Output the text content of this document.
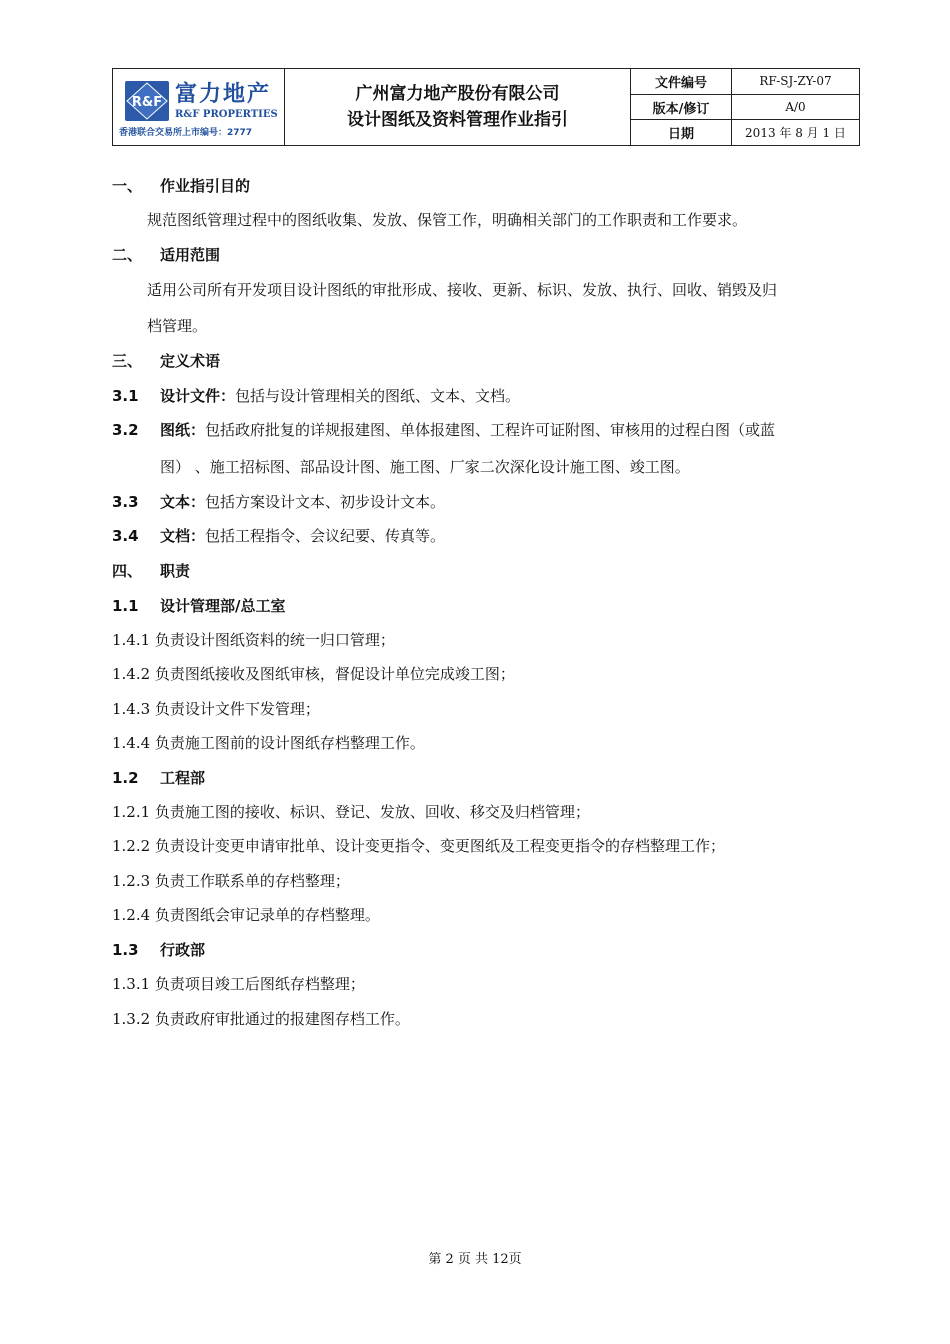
R&F 富力地产
R&F PROPERTIES
香港联合交易所上市编号：2777
广州富力地产股份有限公司
设计图纸及资料管理作业指引
文件编号	RF-SJ-ZY-07
版本/修订	A/0
日期	2013 年 8 月 1 日
一、 作业指引目的
规范图纸管理过程中的图纸收集、发放、保管工作，明确相关部门的工作职责和工作要求。
二、 适用范围
适用公司所有开发项目设计图纸的审批形成、接收、更新、标识、发放、执行、回收、销毁及归
档管理。
三、 定义术语
3.1 设计文件：包括与设计管理相关的图纸、文本、文档。
3.2 图纸：包括政府批复的详规报建图、单体报建图、工程许可证附图、审核用的过程白图（或蓝
图） 、施工招标图、部品设计图、施工图、厂家二次深化设计施工图、竣工图。
3.3 文本：包括方案设计文本、初步设计文本。
3.4 文档：包括工程指令、会议纪要、传真等。
四、 职责
1.1 设计管理部/总工室
1.4.1 负责设计图纸资料的统一归口管理；
1.4.2 负责图纸接收及图纸审核，督促设计单位完成竣工图；
1.4.3 负责设计文件下发管理；
1.4.4 负责施工图前的设计图纸存档整理工作。
1.2 工程部
1.2.1 负责施工图的接收、标识、登记、发放、回收、移交及归档管理；
1.2.2 负责设计变更申请审批单、设计变更指令、变更图纸及工程变更指令的存档整理工作；
1.2.3 负责工作联系单的存档整理；
1.2.4 负责图纸会审记录单的存档整理。
1.3 行政部
1.3.1 负责项目竣工后图纸存档整理；
1.3.2 负责政府审批通过的报建图存档工作。
第 2 页 共 12页
